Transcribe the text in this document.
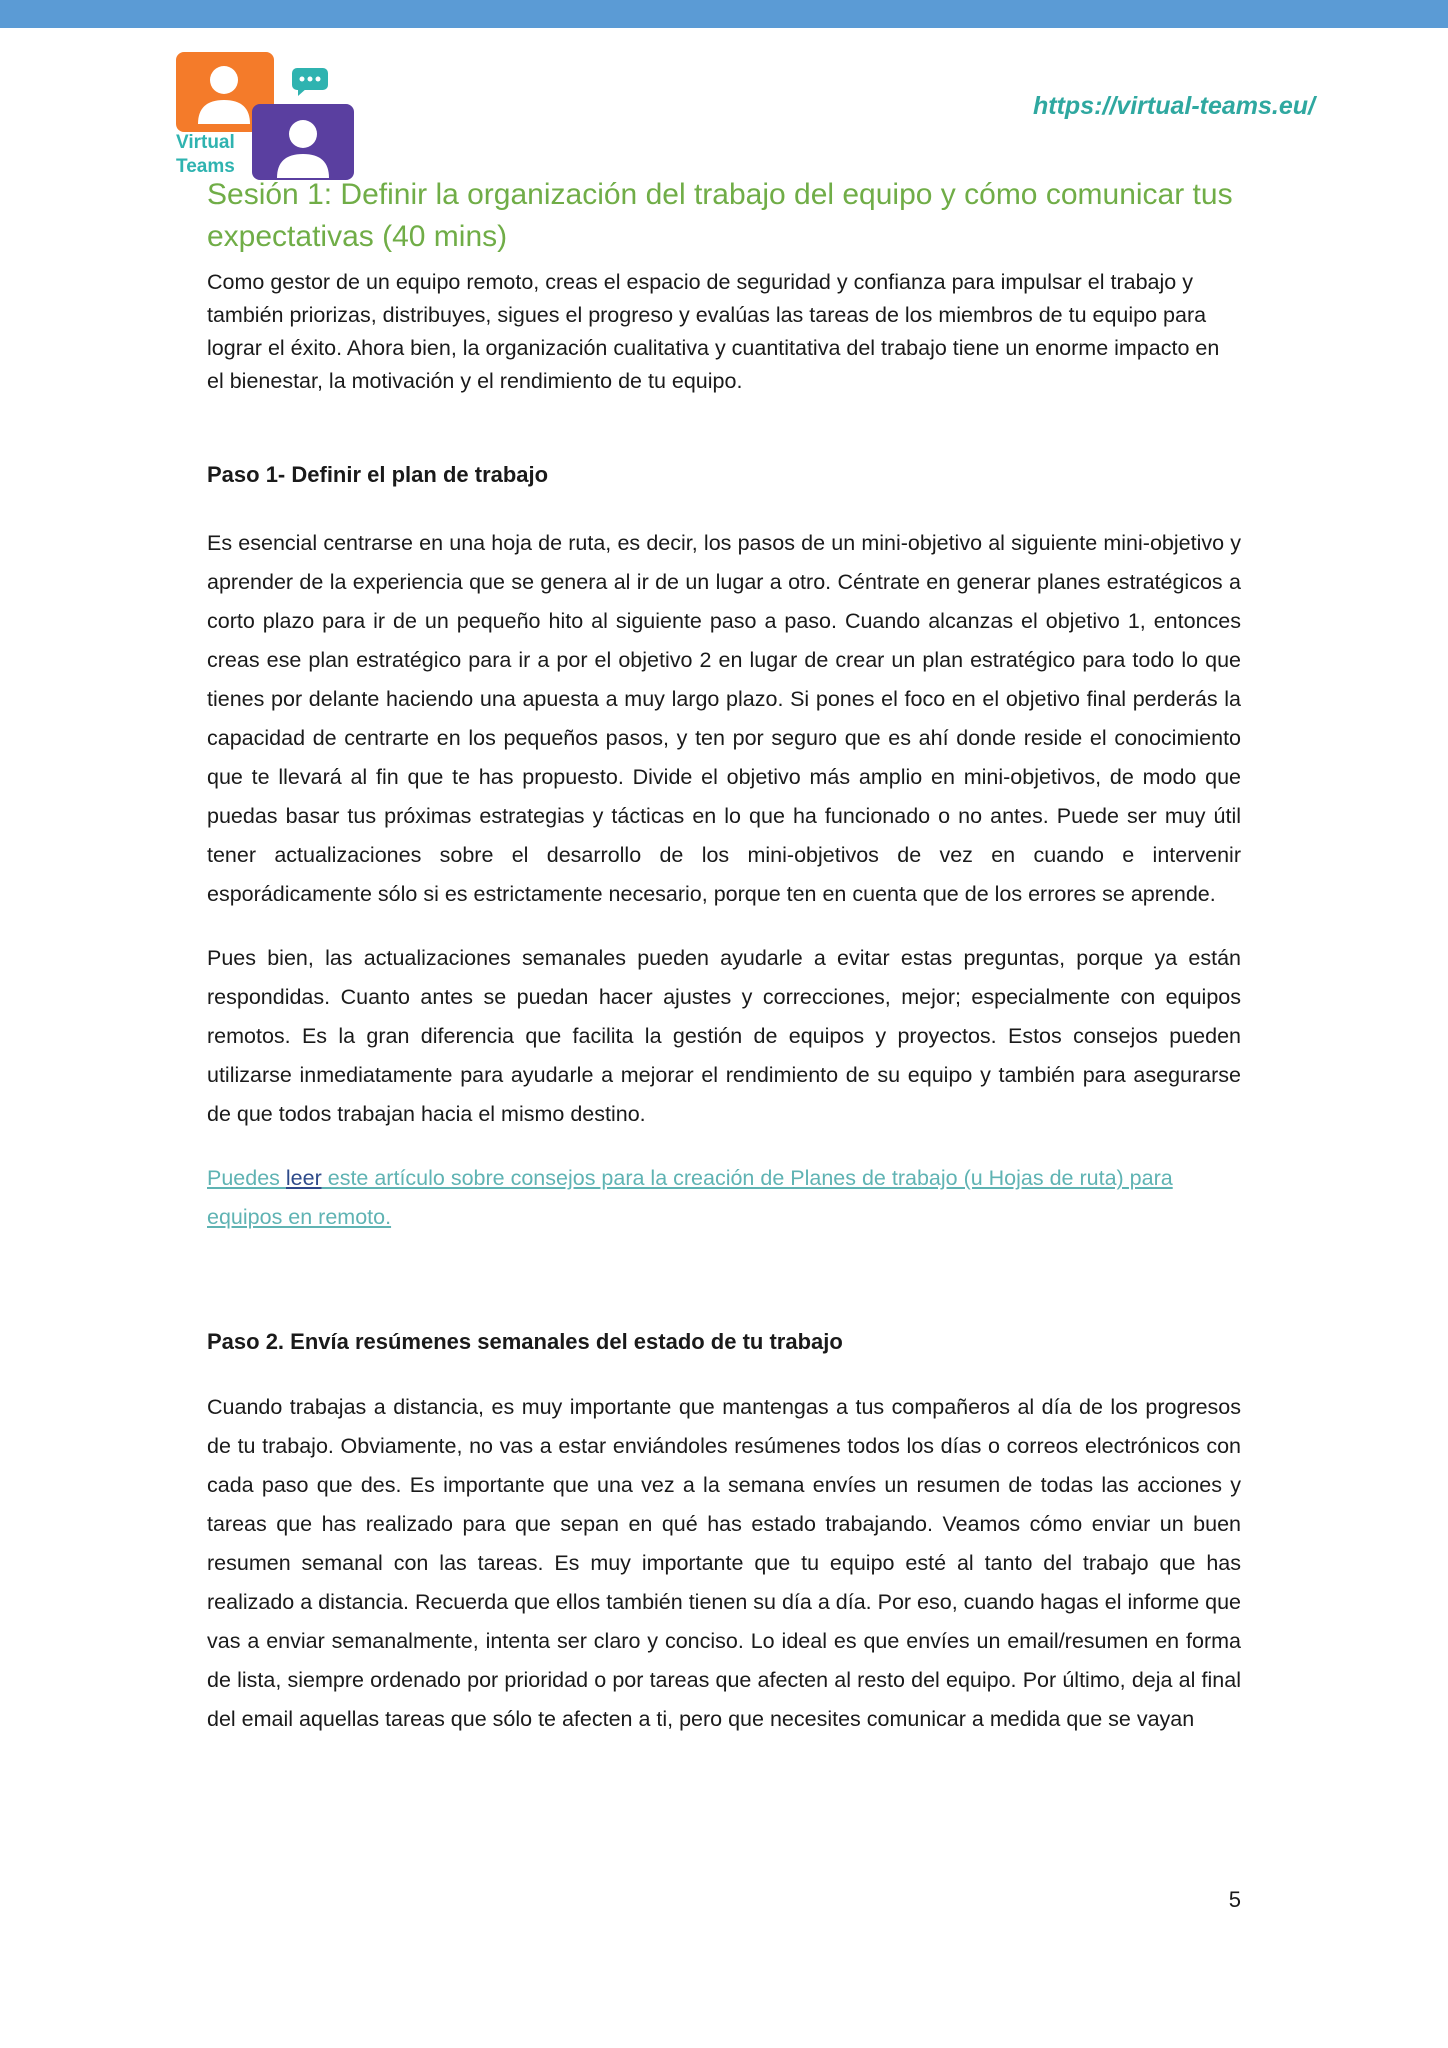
Virtual
Teams
https://virtual-teams.eu/
Sesión 1: Definir la organización del trabajo del equipo y cómo comunicar tus expectativas (40 mins)

Como gestor de un equipo remoto, creas el espacio de seguridad y confianza para impulsar el trabajo y también priorizas, distribuyes, sigues el progreso y evalúas las tareas de los miembros de tu equipo para lograr el éxito. Ahora bien, la organización cualitativa y cuantitativa del trabajo tiene un enorme impacto en el bienestar, la motivación y el rendimiento de tu equipo.

Paso 1- Definir el plan de trabajo

Es esencial centrarse en una hoja de ruta, es decir, los pasos de un mini-objetivo al siguiente mini-objetivo y aprender de la experiencia que se genera al ir de un lugar a otro. Céntrate en generar planes estratégicos a corto plazo para ir de un pequeño hito al siguiente paso a paso. Cuando alcanzas el objetivo 1, entonces creas ese plan estratégico para ir a por el objetivo 2 en lugar de crear un plan estratégico para todo lo que tienes por delante haciendo una apuesta a muy largo plazo. Si pones el foco en el objetivo final perderás la capacidad de centrarte en los pequeños pasos, y ten por seguro que es ahí donde reside el conocimiento que te llevará al fin que te has propuesto. Divide el objetivo más amplio en mini-objetivos, de modo que puedas basar tus próximas estrategias y tácticas en lo que ha funcionado o no antes. Puede ser muy útil tener actualizaciones sobre el desarrollo de los mini-objetivos de vez en cuando e intervenir esporádicamente sólo si es estrictamente necesario, porque ten en cuenta que de los errores se aprende.

Pues bien, las actualizaciones semanales pueden ayudarle a evitar estas preguntas, porque ya están respondidas. Cuanto antes se puedan hacer ajustes y correcciones, mejor; especialmente con equipos remotos. Es la gran diferencia que facilita la gestión de equipos y proyectos. Estos consejos pueden utilizarse inmediatamente para ayudarle a mejorar el rendimiento de su equipo y también para asegurarse de que todos trabajan hacia el mismo destino.

Puedes leer este artículo sobre consejos para la creación de Planes de trabajo (u Hojas de ruta) para equipos en remoto.

Paso 2. Envía resúmenes semanales del estado de tu trabajo

Cuando trabajas a distancia, es muy importante que mantengas a tus compañeros al día de los progresos de tu trabajo. Obviamente, no vas a estar enviándoles resúmenes todos los días o correos electrónicos con cada paso que des. Es importante que una vez a la semana envíes un resumen de todas las acciones y tareas que has realizado para que sepan en qué has estado trabajando. Veamos cómo enviar un buen resumen semanal con las tareas. Es muy importante que tu equipo esté al tanto del trabajo que has realizado a distancia. Recuerda que ellos también tienen su día a día. Por eso, cuando hagas el informe que vas a enviar semanalmente, intenta ser claro y conciso. Lo ideal es que envíes un email/resumen en forma de lista, siempre ordenado por prioridad o por tareas que afecten al resto del equipo. Por último, deja al final del email aquellas tareas que sólo te afecten a ti, pero que necesites comunicar a medida que se vayan

5
